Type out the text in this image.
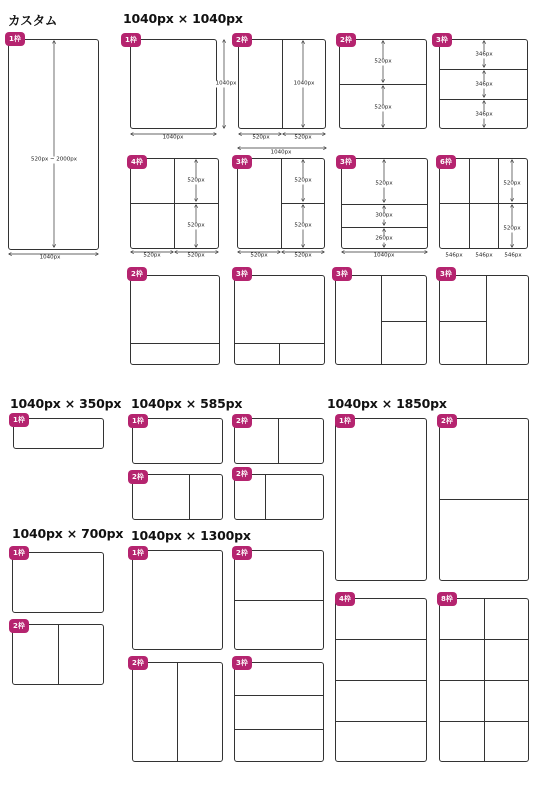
カスタム	1040px × 1040px
1040px × 350px 1040px × 585px	1040px × 1850px
1040px × 700px 1040px × 1300px
1枠
520px ~ 2000px
1040px
1枠
1040px
1040px
2枠
520px	520px
1040px
1040px
2枠
520px
520px
3枠
346px
346px
346px
4枠
520px
520px
520px	520px
3枠
520px
520px
520px	520px
3枠
520px
300px
260px
1040px
6枠
520px
520px
546px 546px 546px
2枠	3枠	3枠	3枠
1枠	1枠	2枠
2枠	2枠
1枠	2枠
4枠	8枠
1枠
2枠
1枠	2枠
2枠	3枠
